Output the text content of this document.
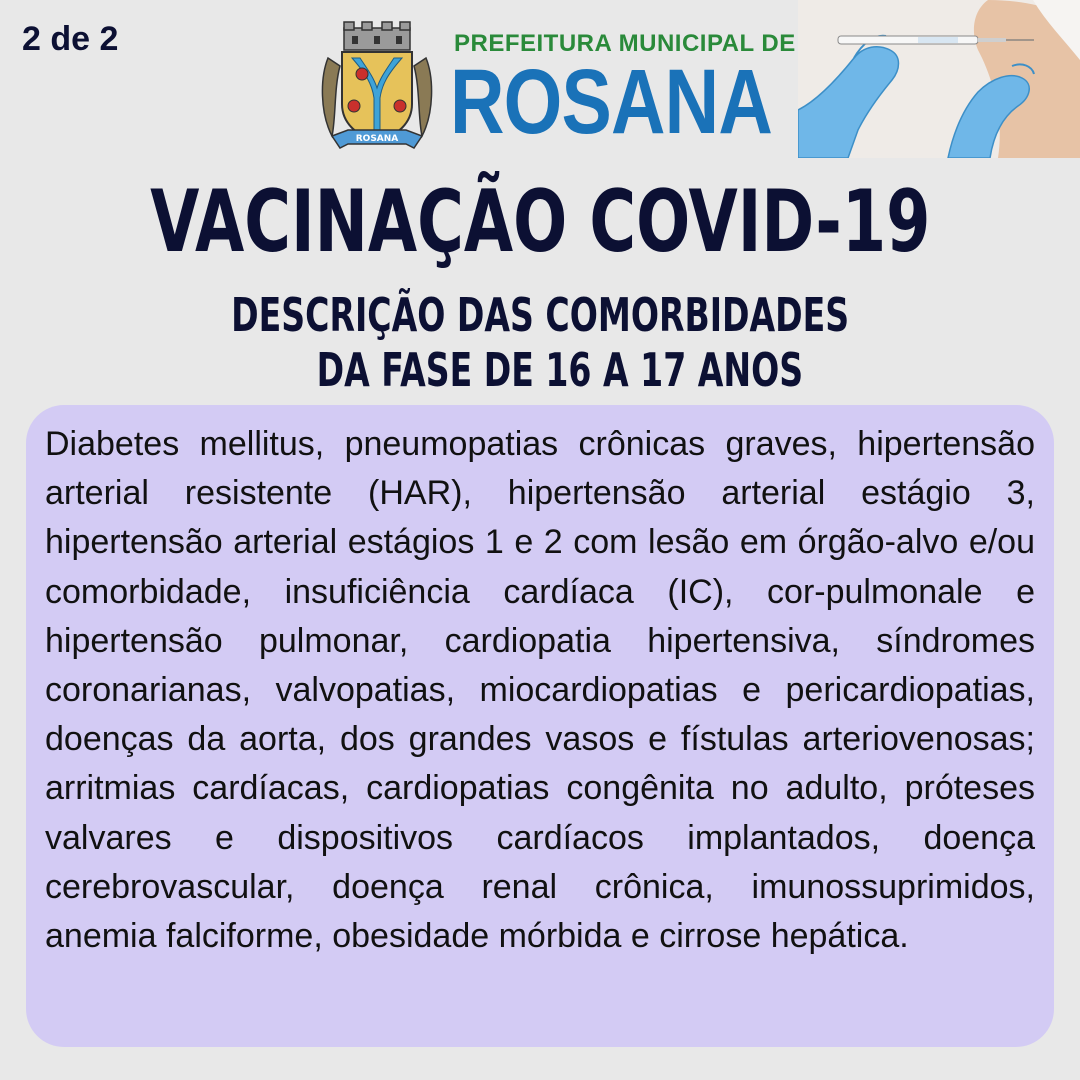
2 de 2
ROSANA
PREFEITURA MUNICIPAL DE
ROSANA
VACINAÇÃO COVID-19
DESCRIÇÃO DAS COMORBIDADES
DA FASE DE 16 A 17 ANOS

Diabetes mellitus, pneumopatias crônicas graves, hipertensão arterial resistente (HAR), hipertensão arterial estágio 3, hipertensão arterial estágios 1 e 2 com lesão em órgão-alvo e/ou comorbidade, insuficiência cardíaca (IC), cor-pulmonale e hipertensão pulmonar, cardiopatia hipertensiva, síndromes coronarianas, valvopatias, miocardiopatias e pericardiopatias, doenças da aorta, dos grandes vasos e fístulas arteriovenosas; arritmias cardíacas, cardiopatias congênita no adulto, próteses valvares e dispositivos cardíacos implantados, doença cerebrovascular, doença renal crônica, imunossuprimidos, anemia falciforme, obesidade mórbida e cirrose hepática.
